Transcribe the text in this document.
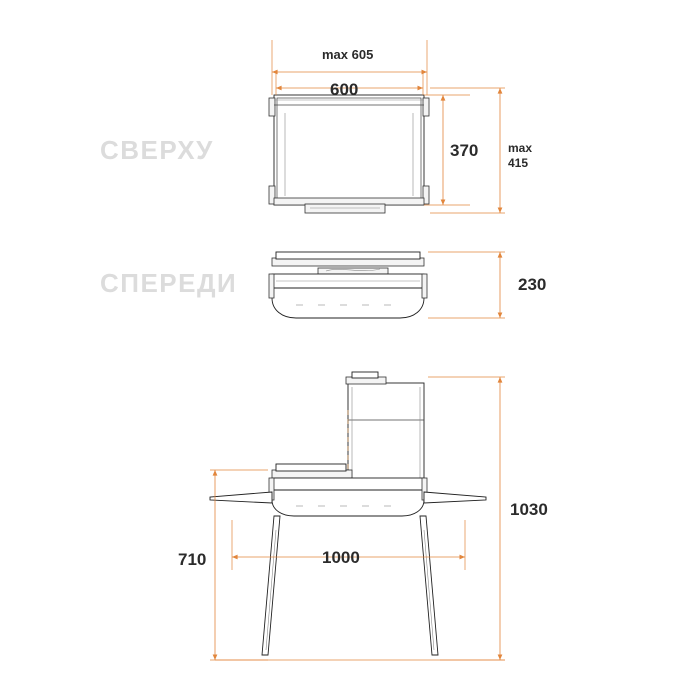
СВЕРХУ
СПЕРЕДИ
max 605
600
370 max
415
230
1030
710	1000
